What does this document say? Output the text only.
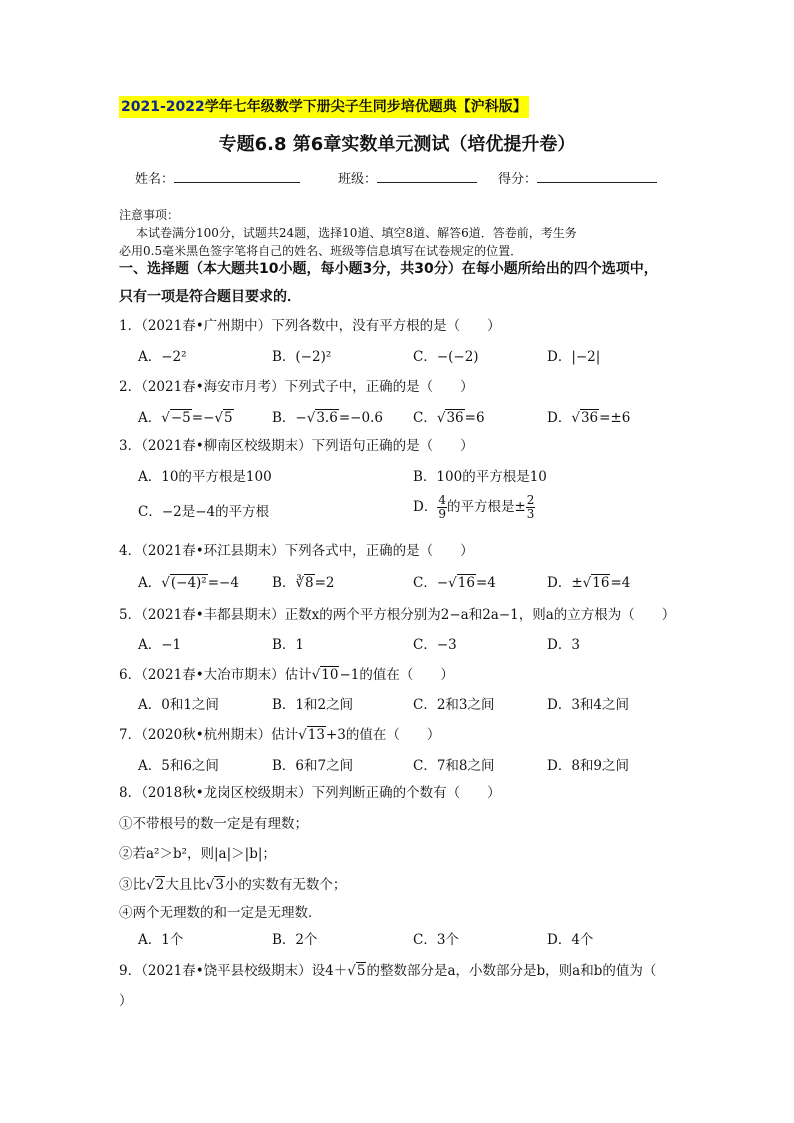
2021-2022学年七年级数学下册尖子生同步培优题典【沪科版】
专题6.8 第6章实数单元测试（培优提升卷）
姓名：	班级：	得分：
注意事项：
本试卷满分100分，试题共24题，选择10道、填空8道、解答6道．答卷前，考生务
必用0.5毫米黑色签字笔将自己的姓名、班级等信息填写在试卷规定的位置．
一、选择题（本大题共10小题，每小题3分，共30分）在每小题所给出的四个选项中，
只有一项是符合题目要求的．
1．（2021春•广州期中）下列各数中，没有平方根的是（　　）
A．−2²	B．(−2)²	C．−(−2)	D．|−2|
2．（2021春•海安市月考）下列式子中，正确的是（　　）
A．√−5=−√5	B．−√3.6=−0.6 C．√36=6	D．√36=±6
3．（2021春•柳南区校级期末）下列语句正确的是（　　）
A．10的平方根是100	B．100的平方根是10
C．−2是−4的平方根	D． $\frac{4}{9}$ 的平方根是± $\frac{2}{3}$
4．（2021春•环江县期末）下列各式中，正确的是（　　）
A．√(−4)²=−4 B．∛8=2	C．−√16=4	D．±√16=4
5．（2021春•丰都县期末）正数x的两个平方根分别为2−a和2a−1，则a的立方根为（　　）
A．−1	B．1	C．−3	D．3
6．（2021春•大冶市期末）估计√10−1的值在（　　）
A．0和1之间	B．1和2之间	C．2和3之间	D．3和4之间
7．（2020秋•杭州期末）估计√13+3的值在（　　）
A．5和6之间	B．6和7之间	C．7和8之间	D．8和9之间
8．（2018秋•龙岗区校级期末）下列判断正确的个数有（　　）
①不带根号的数一定是有理数；
②若a²＞b²，则|a|＞|b|；
③比√2大且比√3小的实数有无数个；
④两个无理数的和一定是无理数．
A．1个	B．2个	C．3个	D．4个
9．（2021春•饶平县校级期末）设4＋√5的整数部分是a，小数部分是b，则a和b的值为（
）
